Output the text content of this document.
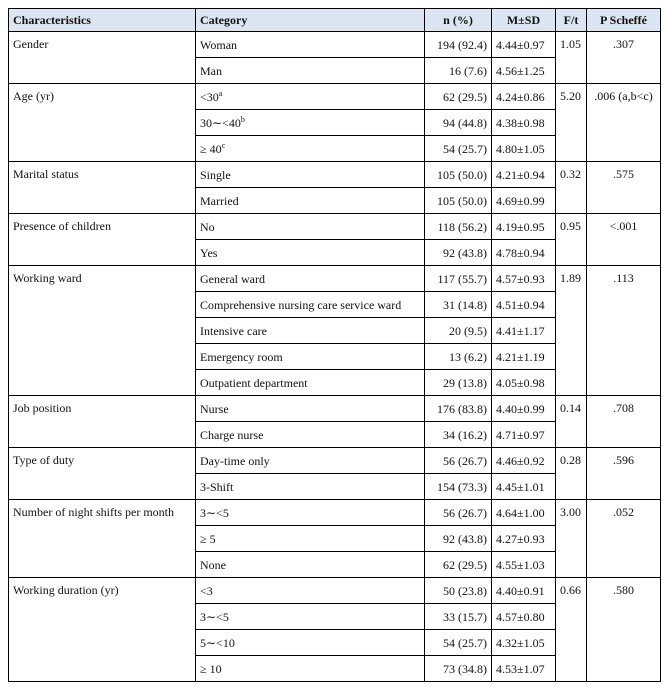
Characteristics	Category	n (%)	M±SD	F/t	P Scheffé
Gender	Woman	194 (92.4)	4.44±0.97	1.05	.307
	Man	16 (7.6)	4.56±1.25		
Age (yr)	$<30^a$	62 (29.5)	4.24±0.86	5.20	.006 (a,b<c)
	$30\sim<40^b$	94 (44.8)	4.38±0.98		
	≥ $40^c$	54 (25.7)	4.80±1.05		
Marital status	Single	105 (50.0)	4.21±0.94	0.32	.575
	Married	105 (50.0)	4.69±0.99		
Presence of children	No	118 (56.2)	4.19±0.95	0.95	<.001
	Yes	92 (43.8)	4.78±0.94		
Working ward	General ward	117 (55.7)	4.57±0.93	1.89	.113
	Comprehensive nursing care service ward	31 (14.8)	4.51±0.94		
	Intensive care	20 (9.5)	4.41±1.17		
	Emergency room	13 (6.2)	4.21±1.19		
	Outpatient department	29 (13.8)	4.05±0.98		
Job position	Nurse	176 (83.8)	4.40±0.99	0.14	.708
	Charge nurse	34 (16.2)	4.71±0.97		
Type of duty	Day-time only	56 (26.7)	4.46±0.92	0.28	.596
	3-Shift	154 (73.3)	4.45±1.01		
Number of night shifts per month	3∼<5	56 (26.7)	4.64±1.00	3.00	.052
	≥ 5	92 (43.8)	4.27±0.93		
	None	62 (29.5)	4.55±1.03		
Working duration (yr)	<3	50 (23.8)	4.40±0.91	0.66	.580
	3∼<5	33 (15.7)	4.57±0.80		
	5∼<10	54 (25.7)	4.32±1.05		
	≥ 10	73 (34.8)	4.53±1.07		
